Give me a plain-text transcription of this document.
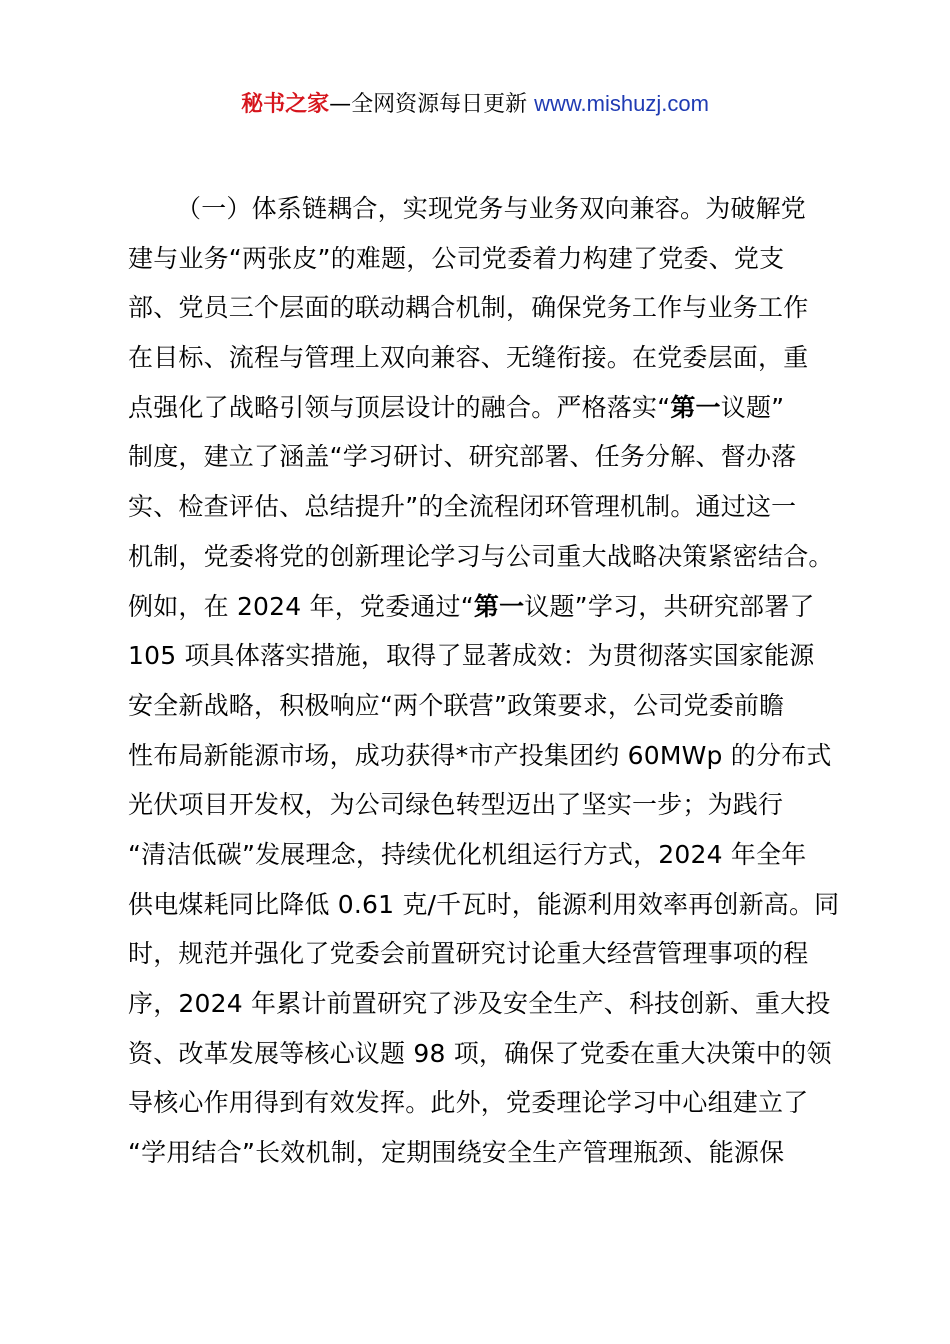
秘书之家—全网资源每日更新 www.mishuzj.com
（一）体系链耦合，实现党务与业务双向兼容。为破解党
建与业务“两张皮”的难题，公司党委着力构建了党委、党支
部、党员三个层面的联动耦合机制，确保党务工作与业务工作
在目标、流程与管理上双向兼容、无缝衔接。在党委层面，重
点强化了战略引领与顶层设计的融合。严格落实“第一议题”
制度，建立了涵盖“学习研讨、研究部署、任务分解、督办落
实、检查评估、总结提升”的全流程闭环管理机制。通过这一
机制，党委将党的创新理论学习与公司重大战略决策紧密结合。
例如，在 2024 年，党委通过“第一议题”学习，共研究部署了
105 项具体落实措施，取得了显著成效：为贯彻落实国家能源
安全新战略，积极响应“两个联营”政策要求，公司党委前瞻
性布局新能源市场，成功获得*市产投集团约 60MWp 的分布式
光伏项目开发权，为公司绿色转型迈出了坚实一步；为践行
“清洁低碳”发展理念，持续优化机组运行方式，2024 年全年
供电煤耗同比降低 0.61 克/千瓦时，能源利用效率再创新高。同
时，规范并强化了党委会前置研究讨论重大经营管理事项的程
序，2024 年累计前置研究了涉及安全生产、科技创新、重大投
资、改革发展等核心议题 98 项，确保了党委在重大决策中的领
导核心作用得到有效发挥。此外，党委理论学习中心组建立了
“学用结合”长效机制，定期围绕安全生产管理瓶颈、能源保
